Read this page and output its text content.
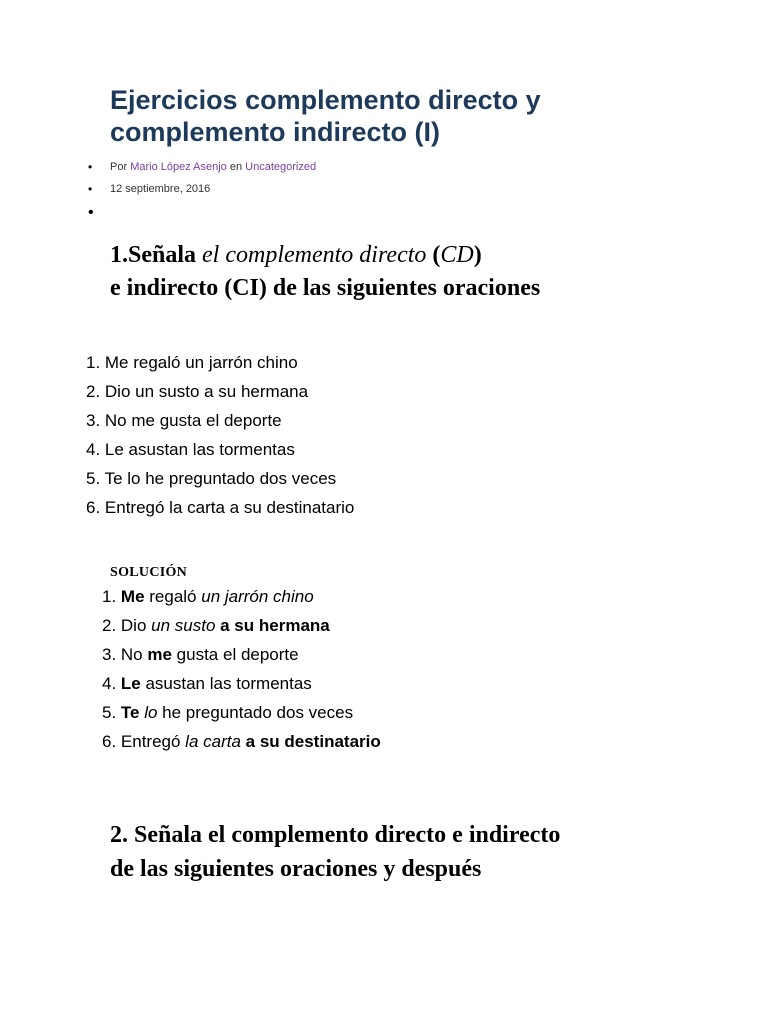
Ejercicios complemento directo y
complemento indirecto (I)
• Por Mario López Asenjo en Uncategorized
• 12 septiembre, 2016
•
1.Señala el complemento directo (CD)
e indirecto (CI) de las siguientes oraciones
1. Me regaló un jarrón chino
2. Dio un susto a su hermana
3. No me gusta el deporte
4. Le asustan las tormentas
5. Te lo he preguntado dos veces
6. Entregó la carta a su destinatario
SOLUCIÓN
1. Me regaló un jarrón chino
2. Dio un susto a su hermana
3. No me gusta el deporte
4. Le asustan las tormentas
5. Te lo he preguntado dos veces
6. Entregó la carta a su destinatario
2. Señala el complemento directo e indirecto
de las siguientes oraciones y después
